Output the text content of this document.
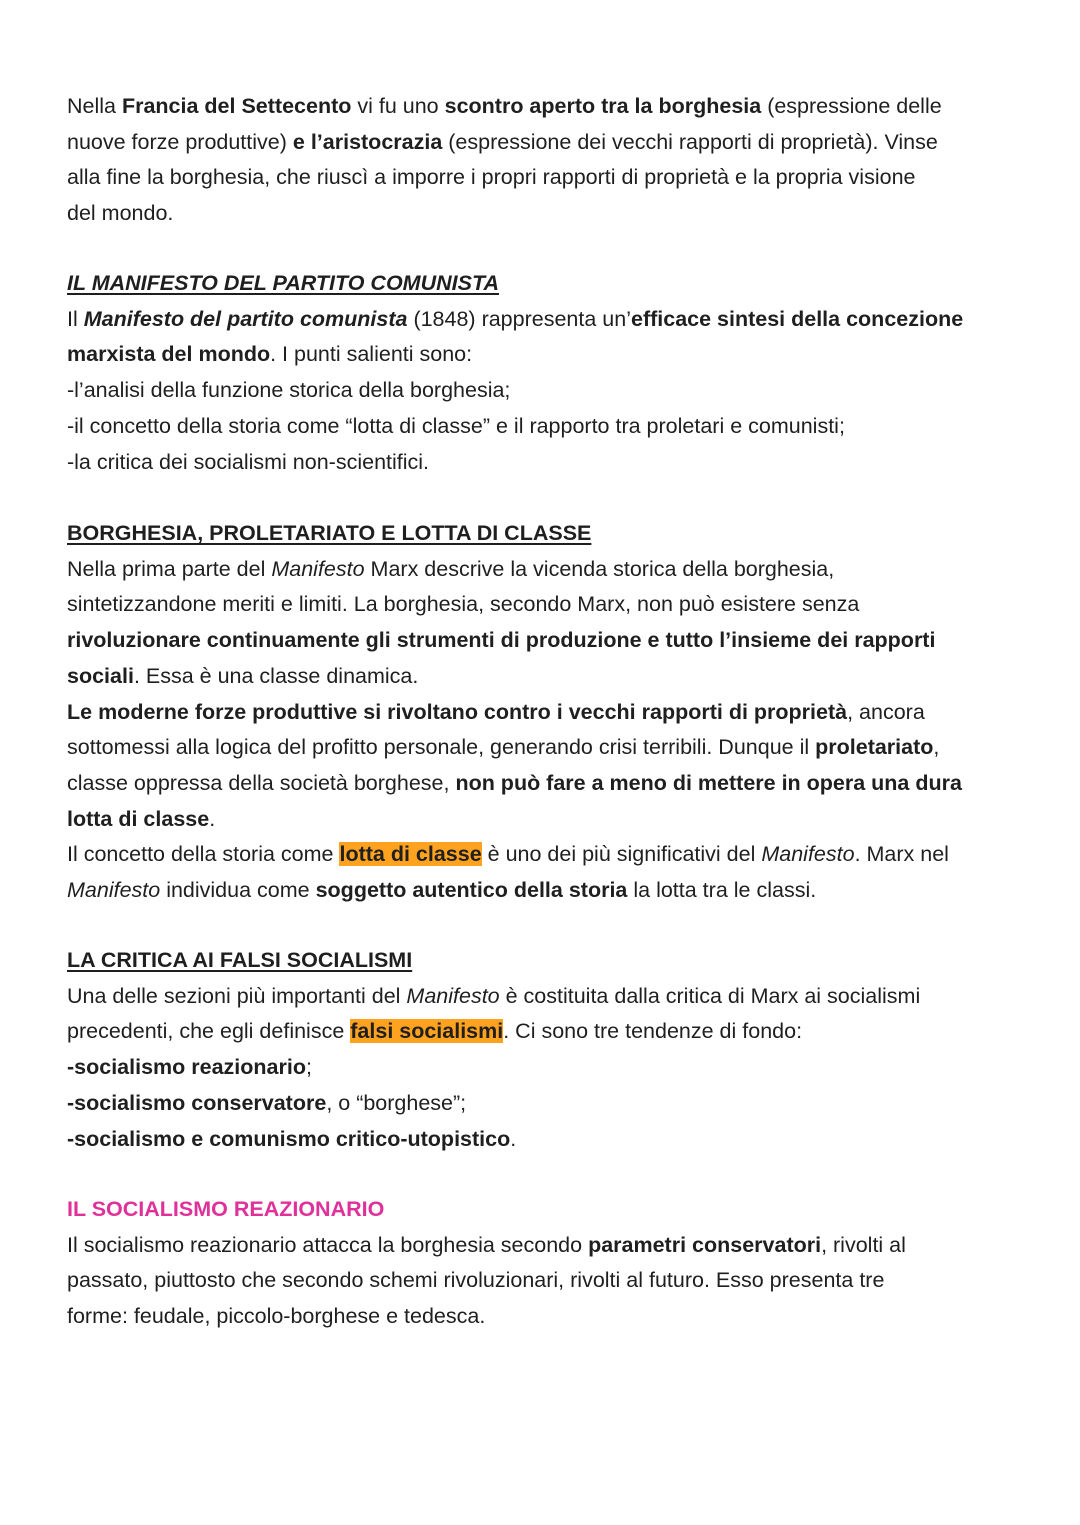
Nella Francia del Settecento vi fu uno scontro aperto tra la borghesia (espressione delle
nuove forze produttive) e l’aristocrazia (espressione dei vecchi rapporti di proprietà). Vinse
alla fine la borghesia, che riuscì a imporre i propri rapporti di proprietà e la propria visione
del mondo.
IL MANIFESTO DEL PARTITO COMUNISTA
Il Manifesto del partito comunista (1848) rappresenta un’efficace sintesi della concezione
marxista del mondo. I punti salienti sono:
-l’analisi della funzione storica della borghesia;
-il concetto della storia come “lotta di classe” e il rapporto tra proletari e comunisti;
-la critica dei socialismi non-scientifici.
BORGHESIA, PROLETARIATO E LOTTA DI CLASSE
Nella prima parte del Manifesto Marx descrive la vicenda storica della borghesia,
sintetizzandone meriti e limiti. La borghesia, secondo Marx, non può esistere senza
rivoluzionare continuamente gli strumenti di produzione e tutto l’insieme dei rapporti
sociali. Essa è una classe dinamica.
Le moderne forze produttive si rivoltano contro i vecchi rapporti di proprietà, ancora
sottomessi alla logica del profitto personale, generando crisi terribili. Dunque il proletariato,
classe oppressa della società borghese, non può fare a meno di mettere in opera una dura
lotta di classe.
Il concetto della storia come lotta di classe è uno dei più significativi del Manifesto. Marx nel
Manifesto individua come soggetto autentico della storia la lotta tra le classi.
LA CRITICA AI FALSI SOCIALISMI
Una delle sezioni più importanti del Manifesto è costituita dalla critica di Marx ai socialismi
precedenti, che egli definisce falsi socialismi. Ci sono tre tendenze di fondo:
-socialismo reazionario;
-socialismo conservatore, o “borghese”;
-socialismo e comunismo critico-utopistico.
IL SOCIALISMO REAZIONARIO
Il socialismo reazionario attacca la borghesia secondo parametri conservatori, rivolti al
passato, piuttosto che secondo schemi rivoluzionari, rivolti al futuro. Esso presenta tre
forme: feudale, piccolo-borghese e tedesca.
